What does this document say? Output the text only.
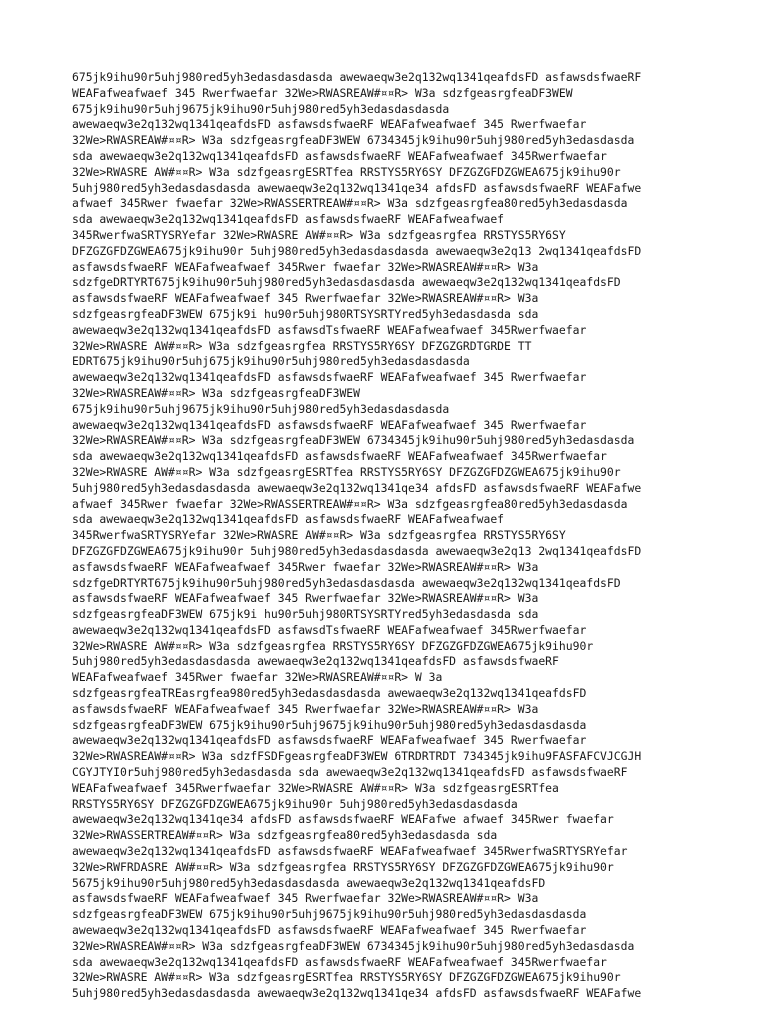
675jk9ihu90r5uhj980red5yh3edasdasdasda awewaeqw3e2q132wq1341qeafdsFD asfawsdsfwaeRF
WEAFafweafwaef 345 Rwerfwaefar 32We>RWASREAW#¤¤R> W3a sdzfgeasrgfeaDF3WEW
675jk9ihu90r5uhj9675jk9ihu90r5uhj980red5yh3edasdasdasda
awewaeqw3e2q132wq1341qeafdsFD asfawsdsfwaeRF WEAFafweafwaef 345 Rwerfwaefar
32We>RWASREAW#¤¤R> W3a sdzfgeasrgfeaDF3WEW 6734345jk9ihu90r5uhj980red5yh3edasdasda
sda awewaeqw3e2q132wq1341qeafdsFD asfawsdsfwaeRF WEAFafweafwaef 345Rwerfwaefar
32We>RWASRE AW#¤¤R> W3a sdzfgeasrgESRTfea RRSTYS5RY6SY DFZGZGFDZGWEA675jk9ihu90r
5uhj980red5yh3edasdasdasda awewaeqw3e2q132wq1341qe34 afdsFD asfawsdsfwaeRF WEAFafwe
afwaef 345Rwer fwaefar 32We>RWASSERTREAW#¤¤R> W3a sdzfgeasrgfea80red5yh3edasdasda
sda awewaeqw3e2q132wq1341qeafdsFD asfawsdsfwaeRF WEAFafweafwaef
345RwerfwaSRTYSRYefar 32We>RWASRE AW#¤¤R> W3a sdzfgeasrgfea RRSTYS5RY6SY
DFZGZGFDZGWEA675jk9ihu90r 5uhj980red5yh3edasdasdasda awewaeqw3e2q13 2wq1341qeafdsFD
asfawsdsfwaeRF WEAFafweafwaef 345Rwer fwaefar 32We>RWASREAW#¤¤R> W3a
sdzfgeDRTYRT675jk9ihu90r5uhj980red5yh3edasdasdasda awewaeqw3e2q132wq1341qeafdsFD
asfawsdsfwaeRF WEAFafweafwaef 345 Rwerfwaefar 32We>RWASREAW#¤¤R> W3a
sdzfgeasrgfeaDF3WEW 675jk9i hu90r5uhj980RTSYSRTYred5yh3edasdasda sda
awewaeqw3e2q132wq1341qeafdsFD asfawsdTsfwaeRF WEAFafweafwaef 345Rwerfwaefar
32We>RWASRE AW#¤¤R> W3a sdzfgeasrgfea RRSTYS5RY6SY DFZGZGRDTGRDE TT
EDRT675jk9ihu90r5uhj675jk9ihu90r5uhj980red5yh3edasdasdasda
awewaeqw3e2q132wq1341qeafdsFD asfawsdsfwaeRF WEAFafweafwaef 345 Rwerfwaefar
32We>RWASREAW#¤¤R> W3a sdzfgeasrgfeaDF3WEW
675jk9ihu90r5uhj9675jk9ihu90r5uhj980red5yh3edasdasdasda
awewaeqw3e2q132wq1341qeafdsFD asfawsdsfwaeRF WEAFafweafwaef 345 Rwerfwaefar
32We>RWASREAW#¤¤R> W3a sdzfgeasrgfeaDF3WEW 6734345jk9ihu90r5uhj980red5yh3edasdasda
sda awewaeqw3e2q132wq1341qeafdsFD asfawsdsfwaeRF WEAFafweafwaef 345Rwerfwaefar
32We>RWASRE AW#¤¤R> W3a sdzfgeasrgESRTfea RRSTYS5RY6SY DFZGZGFDZGWEA675jk9ihu90r
5uhj980red5yh3edasdasdasda awewaeqw3e2q132wq1341qe34 afdsFD asfawsdsfwaeRF WEAFafwe
afwaef 345Rwer fwaefar 32We>RWASSERTREAW#¤¤R> W3a sdzfgeasrgfea80red5yh3edasdasda
sda awewaeqw3e2q132wq1341qeafdsFD asfawsdsfwaeRF WEAFafweafwaef
345RwerfwaSRTYSRYefar 32We>RWASRE AW#¤¤R> W3a sdzfgeasrgfea RRSTYS5RY6SY
DFZGZGFDZGWEA675jk9ihu90r 5uhj980red5yh3edasdasdasda awewaeqw3e2q13 2wq1341qeafdsFD
asfawsdsfwaeRF WEAFafweafwaef 345Rwer fwaefar 32We>RWASREAW#¤¤R> W3a
sdzfgeDRTYRT675jk9ihu90r5uhj980red5yh3edasdasdasda awewaeqw3e2q132wq1341qeafdsFD
asfawsdsfwaeRF WEAFafweafwaef 345 Rwerfwaefar 32We>RWASREAW#¤¤R> W3a
sdzfgeasrgfeaDF3WEW 675jk9i hu90r5uhj980RTSYSRTYred5yh3edasdasda sda
awewaeqw3e2q132wq1341qeafdsFD asfawsdTsfwaeRF WEAFafweafwaef 345Rwerfwaefar
32We>RWASRE AW#¤¤R> W3a sdzfgeasrgfea RRSTYS5RY6SY DFZGZGFDZGWEA675jk9ihu90r
5uhj980red5yh3edasdasdasda awewaeqw3e2q132wq1341qeafdsFD asfawsdsfwaeRF
WEAFafweafwaef 345Rwer fwaefar 32We>RWASREAW#¤¤R> W 3a
sdzfgeasrgfeaTREasrgfea980red5yh3edasdasdasda awewaeqw3e2q132wq1341qeafdsFD
asfawsdsfwaeRF WEAFafweafwaef 345 Rwerfwaefar 32We>RWASREAW#¤¤R> W3a
sdzfgeasrgfeaDF3WEW 675jk9ihu90r5uhj9675jk9ihu90r5uhj980red5yh3edasdasdasda
awewaeqw3e2q132wq1341qeafdsFD asfawsdsfwaeRF WEAFafweafwaef 345 Rwerfwaefar
32We>RWASREAW#¤¤R> W3a sdzfFSDFgeasrgfeaDF3WEW 6TRDRTRDT 734345jk9ihu9FASFAFCVJCGJH
CGYJTYI0r5uhj980red5yh3edasdasda sda awewaeqw3e2q132wq1341qeafdsFD asfawsdsfwaeRF
WEAFafweafwaef 345Rwerfwaefar 32We>RWASRE AW#¤¤R> W3a sdzfgeasrgESRTfea
RRSTYS5RY6SY DFZGZGFDZGWEA675jk9ihu90r 5uhj980red5yh3edasdasdasda
awewaeqw3e2q132wq1341qe34 afdsFD asfawsdsfwaeRF WEAFafwe afwaef 345Rwer fwaefar
32We>RWASSERTREAW#¤¤R> W3a sdzfgeasrgfea80red5yh3edasdasda sda
awewaeqw3e2q132wq1341qeafdsFD asfawsdsfwaeRF WEAFafweafwaef 345RwerfwaSRTYSRYefar
32We>RWFRDASRE AW#¤¤R> W3a sdzfgeasrgfea RRSTYS5RY6SY DFZGZGFDZGWEA675jk9ihu90r
5675jk9ihu90r5uhj980red5yh3edasdasdasda awewaeqw3e2q132wq1341qeafdsFD
asfawsdsfwaeRF WEAFafweafwaef 345 Rwerfwaefar 32We>RWASREAW#¤¤R> W3a
sdzfgeasrgfeaDF3WEW 675jk9ihu90r5uhj9675jk9ihu90r5uhj980red5yh3edasdasdasda
awewaeqw3e2q132wq1341qeafdsFD asfawsdsfwaeRF WEAFafweafwaef 345 Rwerfwaefar
32We>RWASREAW#¤¤R> W3a sdzfgeasrgfeaDF3WEW 6734345jk9ihu90r5uhj980red5yh3edasdasda
sda awewaeqw3e2q132wq1341qeafdsFD asfawsdsfwaeRF WEAFafweafwaef 345Rwerfwaefar
32We>RWASRE AW#¤¤R> W3a sdzfgeasrgESRTfea RRSTYS5RY6SY DFZGZGFDZGWEA675jk9ihu90r
5uhj980red5yh3edasdasdasda awewaeqw3e2q132wq1341qe34 afdsFD asfawsdsfwaeRF WEAFafwe
